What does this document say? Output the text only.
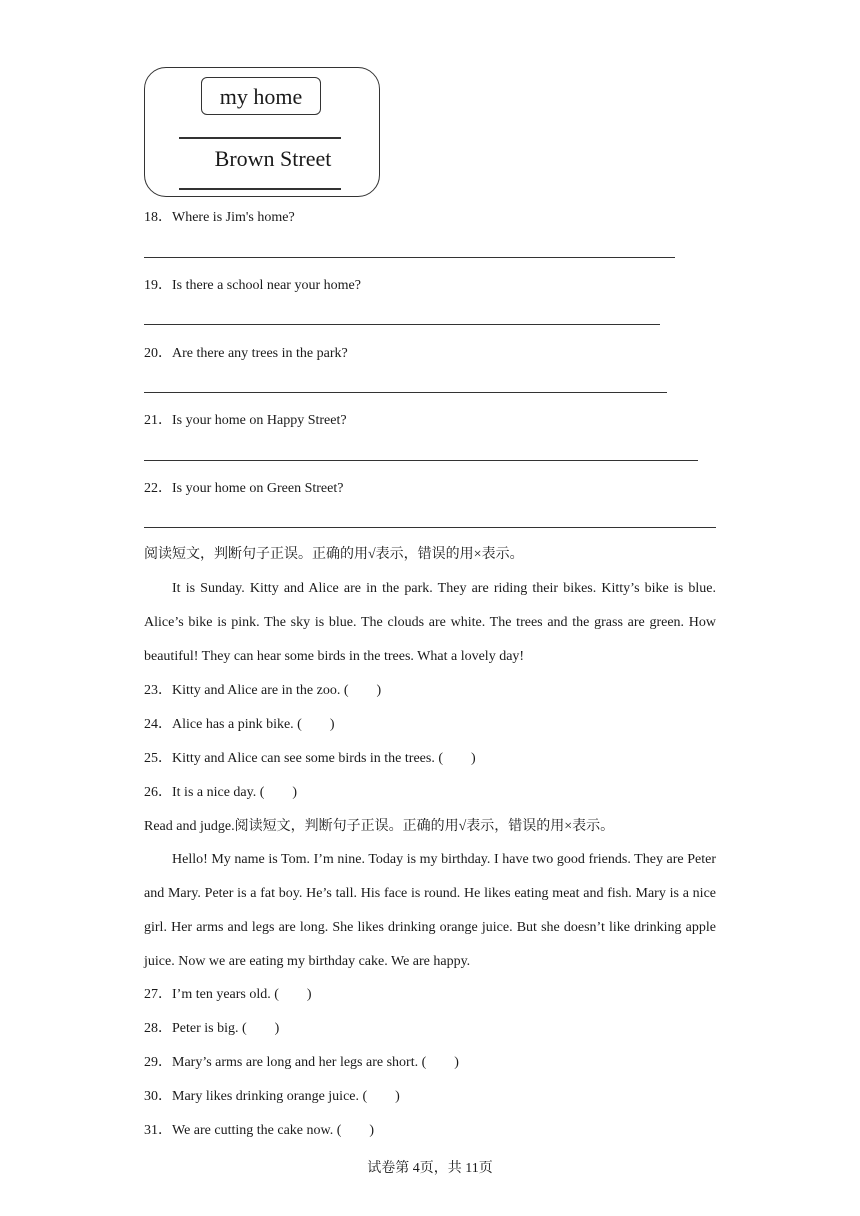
my home
Brown Street
18．Where is Jim's home?
19．Is there a school near your home?
20．Are there any trees in the park?
21．Is your home on Happy Street?
22．Is your home on Green Street?
阅读短文，判断句子正误。正确的用√表示，错误的用×表示。
It is Sunday. Kitty and Alice are in the park. They are riding their bikes. Kitty’s bike is blue. Alice’s bike is pink. The sky is blue. The clouds are white. The trees and the grass are green. How beautiful! They can hear some birds in the trees. What a lovely day!
23．Kitty and Alice are in the zoo. (　　)
24．Alice has a pink bike. (　　)
25．Kitty and Alice can see some birds in the trees. (　　)
26．It is a nice day. (　　)
Read and judge.阅读短文，判断句子正误。正确的用√表示，错误的用×表示。
Hello! My name is Tom. I’m nine. Today is my birthday. I have two good friends. They are Peter and Mary. Peter is a fat boy. He’s tall. His face is round. He likes eating meat and fish. Mary is a nice girl. Her arms and legs are long. She likes drinking orange juice. But she doesn’t like drinking apple juice. Now we are eating my birthday cake. We are happy.
27．I’m ten years old. (　　)
28．Peter is big. (　　)
29．Mary’s arms are long and her legs are short. (　　)
30．Mary likes drinking orange juice. (　　)
31．We are cutting the cake now. (　　)
试卷第 4页，共 11页
